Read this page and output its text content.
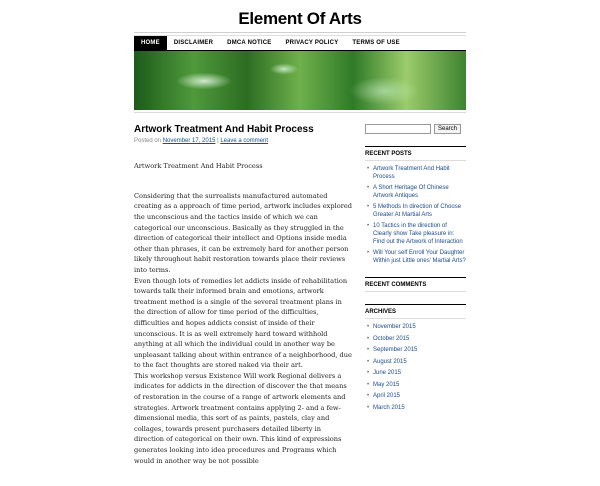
Element Of Arts
HOME	DISCLAIMER	DMCA NOTICE	PRIVACY POLICY	TERMS OF USE
Artwork Treatment And Habit Process
Posted on November 17, 2015 | Leave a comment

Artwork Treatment And Habit Process

Considering that the surrealists manufactured automated creating as a approach of time period, artwork includes explored the unconscious and the tactics inside of which we can categorical our unconscious. Basically as they struggled in the direction of categorical their intellect and Options inside media other than phrases, it can be extremely hard for another person likely throughout habit restoration towards place their reviews into terms.
Even though lots of remedies let addicts inside of rehabilitation towards talk their informed brain and emotions, artwork treatment method is a single of the several treatment plans in the direction of allow for time period of the difficulties, difficulties and hopes addicts consist of inside of their unconscious. It is as well extremely hard toward withhold anything at all which the individual could in another way be unpleasant talking about within entrance of a neighborhood, due to the fact thoughts are stored naked via their art.
This workshop versus Existence Will work Regional delivers a indicates for addicts in the direction of discover the that means of restoration in the course of a range of artwork elements and strategies. Artwork treatment contains applying 2- and a few-dimensional media, this sort of as paints, pastels, clay and collages, towards present purchasers detailed liberty in direction of categorical on their own. This kind of expressions generates looking into idea procedures and Programs which would in another way be not possible

Search
RECENT POSTS
• Artwork Treatment And Habit Process
• A Short Heritage Of Chinese Artwork Antiques
• 5 Methods In direction of Choose Greater At Martial Arts
• 10 Tactics in the direction of Clearly show Take pleasure in: Find out the Artwork of Interaction
• Will Your self Enroll Your Daughter Within just Little ones' Martial Arts?
RECENT COMMENTS
ARCHIVES
• November 2015
• October 2015
• September 2015
• August 2015
• June 2015
• May 2015
• April 2015
• March 2015
